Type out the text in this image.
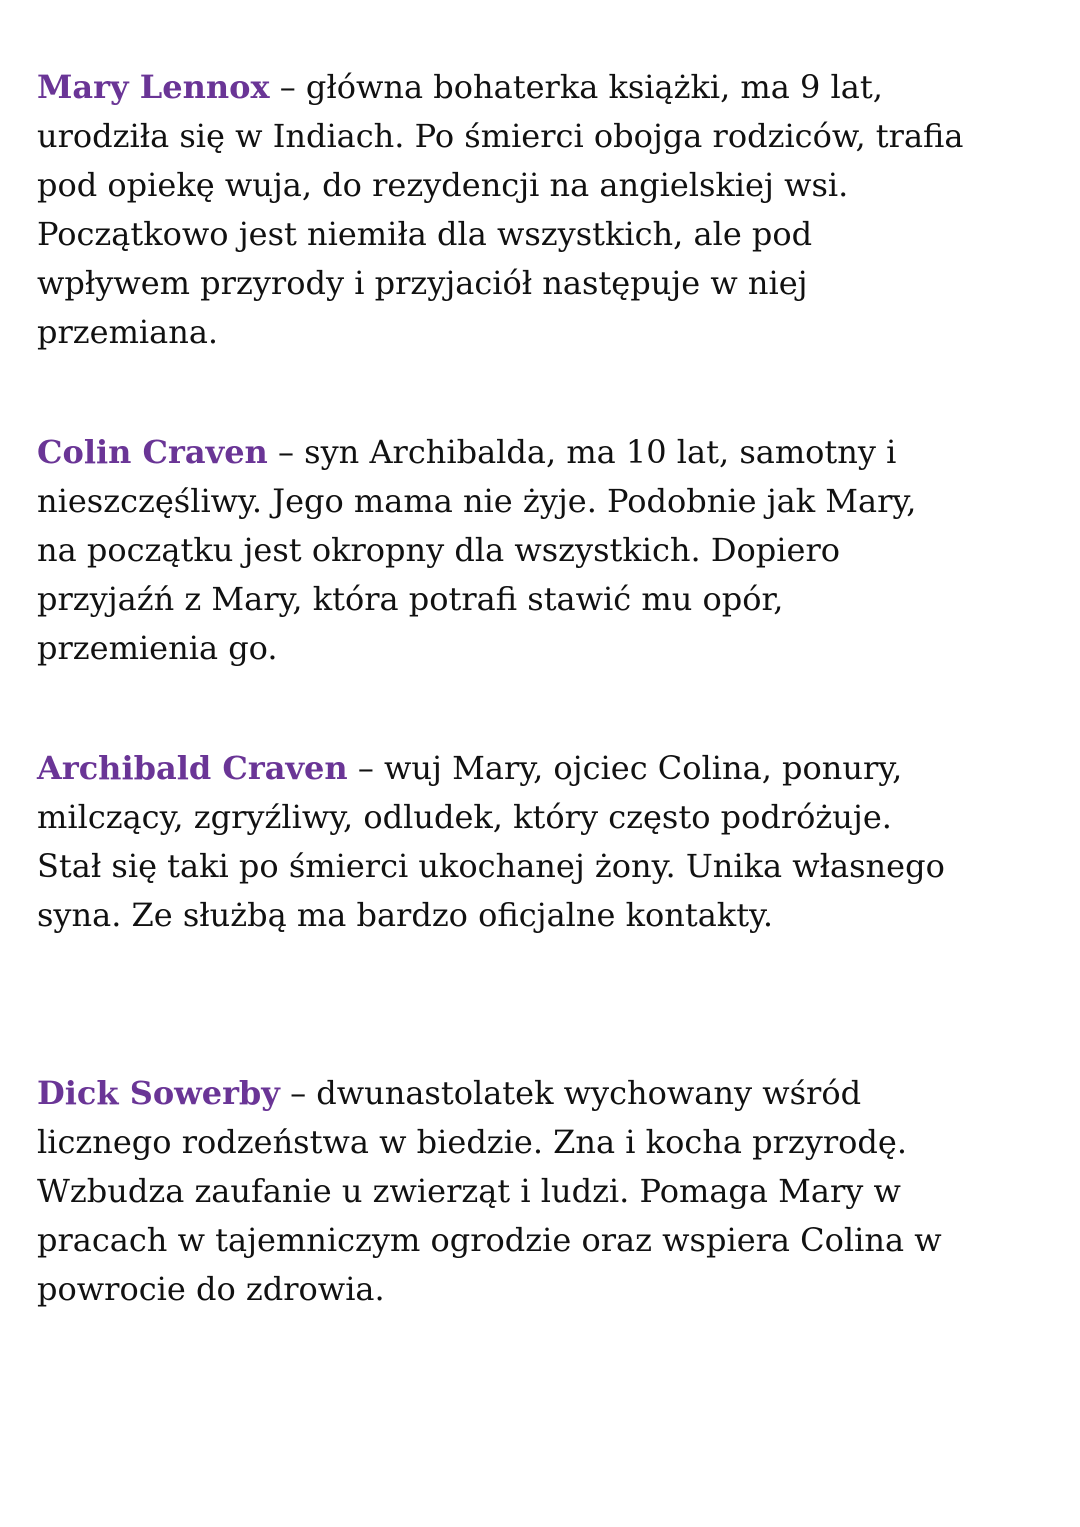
Mary Lennox – główna bohaterka książki, ma 9 lat,
urodziła się w Indiach. Po śmierci obojga rodziców, trafia
pod opiekę wuja, do rezydencji na angielskiej wsi.
Początkowo jest niemiła dla wszystkich, ale pod
wpływem przyrody i przyjaciół następuje w niej
przemiana.

Colin Craven – syn Archibalda, ma 10 lat, samotny i
nieszczęśliwy. Jego mama nie żyje. Podobnie jak Mary,
na początku jest okropny dla wszystkich. Dopiero
przyjaźń z Mary, która potrafi stawić mu opór,
przemienia go.

Archibald Craven – wuj Mary, ojciec Colina, ponury,
milczący, zgryźliwy, odludek, który często podróżuje.
Stał się taki po śmierci ukochanej żony. Unika własnego
syna. Ze służbą ma bardzo oficjalne kontakty.

Dick Sowerby – dwunastolatek wychowany wśród
licznego rodzeństwa w biedzie. Zna i kocha przyrodę.
Wzbudza zaufanie u zwierząt i ludzi. Pomaga Mary w
pracach w tajemniczym ogrodzie oraz wspiera Colina w
powrocie do zdrowia.
